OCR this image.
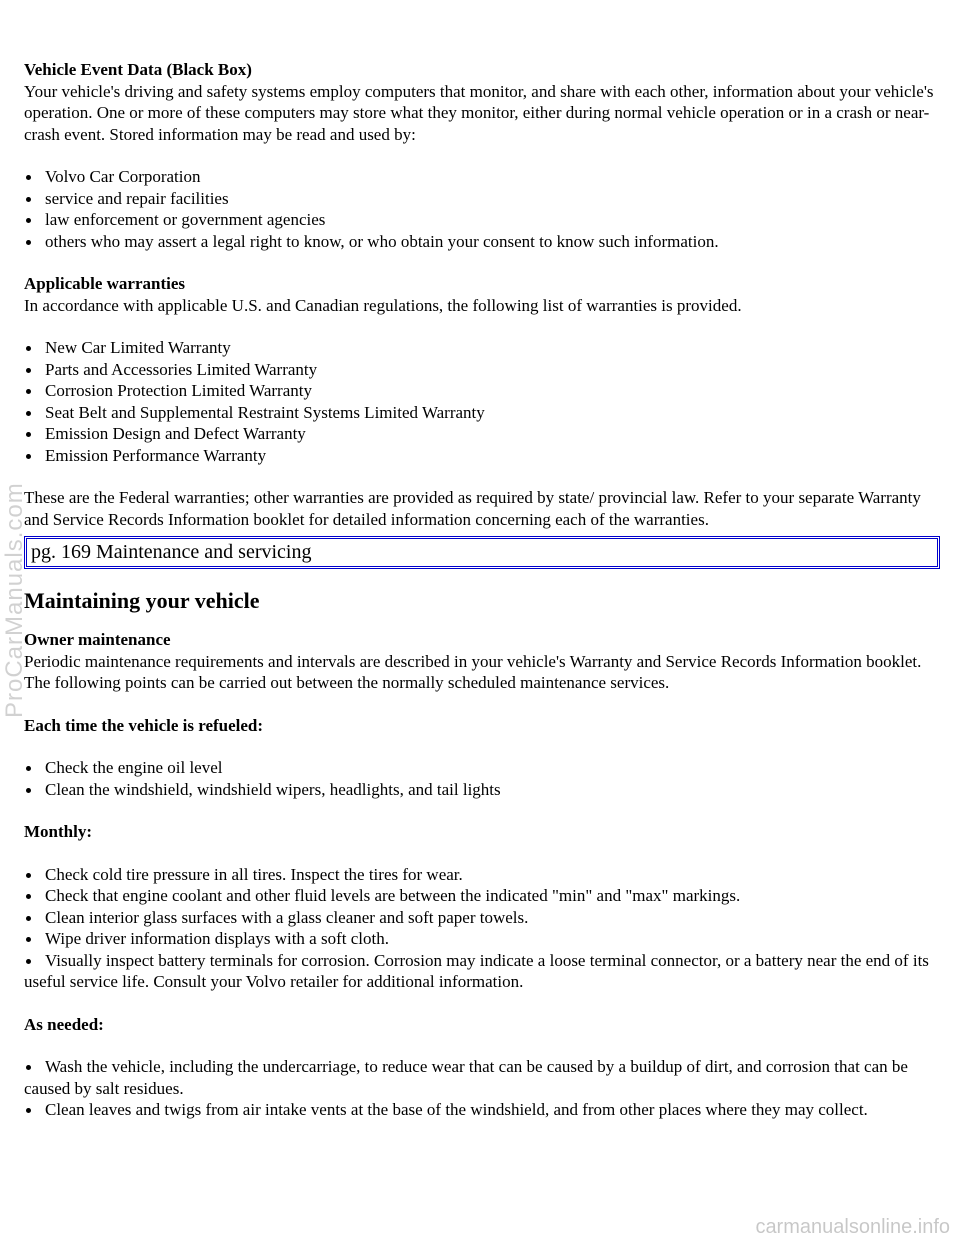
ProCarManuals.com

Vehicle Event Data (Black Box)

Your vehicle's driving and safety systems employ computers that monitor, and share with each other, information about your vehicle's operation. One or more of these computers may store what they monitor, either during normal vehicle operation or in a crash or near-crash event. Stored information may be read and used by:

Volvo Car Corporation
service and repair facilities
law enforcement or government agencies
others who may assert a legal right to know, or who obtain your consent to know such information.

Applicable warranties

In accordance with applicable U.S. and Canadian regulations, the following list of warranties is provided.

New Car Limited Warranty
Parts and Accessories Limited Warranty
Corrosion Protection Limited Warranty
Seat Belt and Supplemental Restraint Systems Limited Warranty
Emission Design and Defect Warranty
Emission Performance Warranty

These are the Federal warranties; other warranties are provided as required by state/ provincial law. Refer to your separate Warranty and Service Records Information booklet for detailed information concerning each of the warranties.

pg. 169 Maintenance and servicing
Maintaining your vehicle

Owner maintenance

Periodic maintenance requirements and intervals are described in your vehicle's Warranty and Service Records Information booklet.

The following points can be carried out between the normally scheduled maintenance services.

Each time the vehicle is refueled:

Check the engine oil level
Clean the windshield, windshield wipers, headlights, and tail lights

Monthly:

Check cold tire pressure in all tires. Inspect the tires for wear.
Check that engine coolant and other fluid levels are between the indicated "min" and "max" markings.
Clean interior glass surfaces with a glass cleaner and soft paper towels.
Wipe driver information displays with a soft cloth.
Visually inspect battery terminals for corrosion. Corrosion may indicate a loose terminal connector, or a battery near the end of its useful service life. Consult your Volvo retailer for additional information.

As needed:

Wash the vehicle, including the undercarriage, to reduce wear that can be caused by a buildup of dirt, and corrosion that can be caused by salt residues.
Clean leaves and twigs from air intake vents at the base of the windshield, and from other places where they may collect.
carmanualsonline.info
